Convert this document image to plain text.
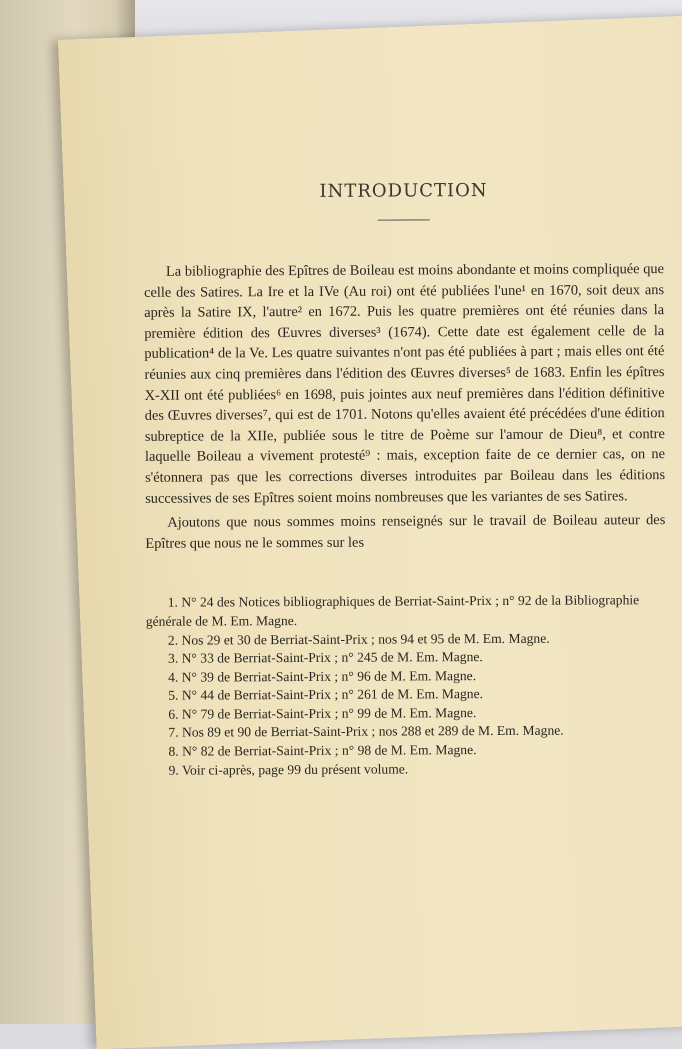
INTRODUCTION

La bibliographie des Epîtres de Boileau est moins abondante et moins compliquée que celle des Satires. La Ire et la IVe (Au roi) ont été publiées l'une¹ en 1670, soit deux ans après la Satire IX, l'autre² en 1672. Puis les quatre premières ont été réunies dans la première édition des Œuvres diverses³ (1674). Cette date est également celle de la publication⁴ de la Ve. Les quatre suivantes n'ont pas été publiées à part ; mais elles ont été réunies aux cinq premières dans l'édition des Œuvres diverses⁵ de 1683. Enfin les épîtres X-XII ont été publiées⁶ en 1698, puis jointes aux neuf premières dans l'édition définitive des Œuvres diverses⁷, qui est de 1701. Notons qu'elles avaient été précédées d'une édition subreptice de la XIIe, publiée sous le titre de Poème sur l'amour de Dieu⁸, et contre laquelle Boileau a vivement protesté⁹ : mais, exception faite de ce dernier cas, on ne s'étonnera pas que les corrections diverses introduites par Boileau dans les éditions successives de ses Epîtres soient moins nombreuses que les variantes de ses Satires.

Ajoutons que nous sommes moins renseignés sur le travail de Boileau auteur des Epîtres que nous ne le sommes sur les

1. N° 24 des Notices bibliographiques de Berriat-Saint-Prix ; n° 92 de la Bibliographie générale de M. Em. Magne.
2. Nos 29 et 30 de Berriat-Saint-Prix ; nos 94 et 95 de M. Em. Magne.
3. N° 33 de Berriat-Saint-Prix ; n° 245 de M. Em. Magne.
4. N° 39 de Berriat-Saint-Prix ; n° 96 de M. Em. Magne.
5. N° 44 de Berriat-Saint-Prix ; n° 261 de M. Em. Magne.
6. N° 79 de Berriat-Saint-Prix ; n° 99 de M. Em. Magne.
7. Nos 89 et 90 de Berriat-Saint-Prix ; nos 288 et 289 de M. Em. Magne.
8. N° 82 de Berriat-Saint-Prix ; n° 98 de M. Em. Magne.
9. Voir ci-après, page 99 du présent volume.
